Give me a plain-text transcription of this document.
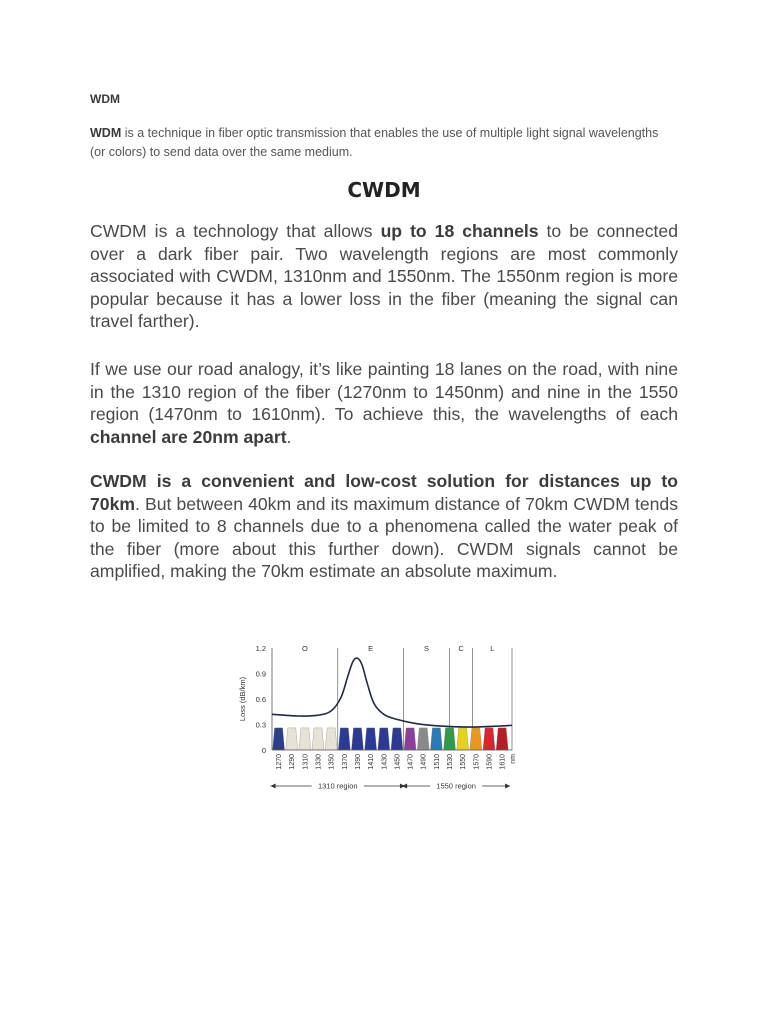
WDM
WDM is a technique in fiber optic transmission that enables the use of multiple light signal wavelengths (or colors) to send data over the same medium.
CWDM
CWDM is a technology that allows up to 18 channels to be connected over a dark fiber pair. Two wavelength regions are most commonly associated with CWDM, 1310nm and 1550nm. The 1550nm region is more popular because it has a lower loss in the fiber (meaning the signal can travel farther).
If we use our road analogy, it’s like painting 18 lanes on the road, with nine in the 1310 region of the fiber (1270nm to 1450nm) and nine in the 1550 region (1470nm to 1610nm). To achieve this, the wavelengths of each channel are 20nm apart.
CWDM is a convenient and low-cost solution for distances up to 70km. But between 40km and its maximum distance of 70km CWDM tends to be limited to 8 channels due to a phenomena called the water peak of the fiber (more about this further down). CWDM signals cannot be amplified, making the 70km estimate an absolute maximum.
0
0.3
0.6
0.9
1.2
Loss (dB/km)
O	E	S	C	L
1270 1290 1310 1330 1350 1370 1390 1410 1430 1450 1470 1490 1510 1530 1550 1570 1590 1610 nm
1310 region	1550 region
